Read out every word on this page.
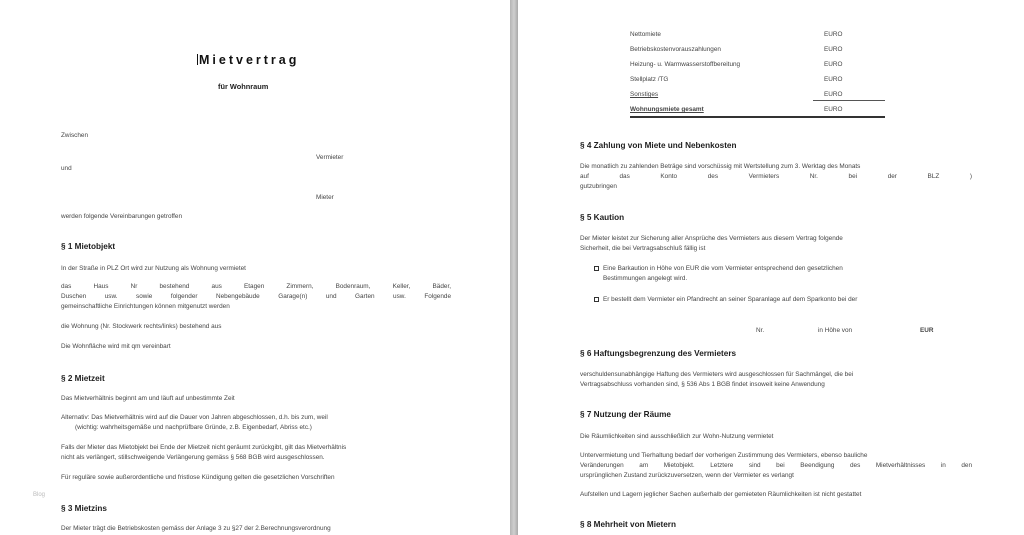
Mietvertrag
für Wohnraum
Zwischen
Vermieter
und
Mieter
werden folgende Vereinbarungen getroffen
§ 1 Mietobjekt
In der Straße in PLZ Ort wird zur Nutzung als Wohnung vermietet
das Haus Nr bestehend aus Etagen Zimmern, Bodenraum, Keller, Bäder,
Duschen usw. sowie folgender Nebengebäude Garage(n) und Garten usw. Folgende
gemeinschaftliche Einrichtungen können mitgenutzt werden
die Wohnung (Nr. Stockwerk rechts/links) bestehend aus
Die Wohnfläche wird mit qm vereinbart
§ 2 Mietzeit
Das Mietverhältnis beginnt am und läuft auf unbestimmte Zeit
Alternativ: Das Mietverhältnis wird auf die Dauer von Jahren abgeschlossen, d.h. bis zum, weil
(wichtig: wahrheitsgemäße und nachprüfbare Gründe, z.B. Eigenbedarf, Abriss etc.)
Falls der Mieter das Mietobjekt bei Ende der Mietzeit nicht geräumt zurückgibt, gilt das Mietverhältnis
nicht als verlängert, stillschweigende Verlängerung gemäss § 568 BGB wird ausgeschlossen.
Für reguläre sowie außerordentliche und fristlose Kündigung gelten die gesetzlichen Vorschriften
Blog
§ 3 Mietzins
Der Mieter trägt die Betriebskosten gemäss der Anlage 3 zu §27 der 2.Berechnungsverordnung
Nettomiete	EURO
Betriebskostenvorauszahlungen	EURO
Heizung- u. Warmwasserstoffbereitung	EURO
Stellplatz /TG	EURO
Sonstiges	EURO
Wohnungsmiete gesamt	EURO
§ 4 Zahlung von Miete und Nebenkosten
Die monatlich zu zahlenden Beträge sind vorschüssig mit Wertstellung zum 3. Werktag des Monats
auf das Konto des Vermieters Nr. bei der BLZ )
gutzubringen
§ 5 Kaution
Der Mieter leistet zur Sicherung aller Ansprüche des Vermieters aus diesem Vertrag folgende
Sicherheit, die bei Vertragsabschluß fällig ist
Eine Barkaution in Höhe von EUR die vom Vermieter entsprechend den gesetzlichen
Bestimmungen angelegt wird.
Er bestellt dem Vermieter ein Pfandrecht an seiner Sparanlage auf dem Sparkonto bei der
Nr.	in Höhe von	EUR
§ 6 Haftungsbegrenzung des Vermieters
verschuldensunabhängige Haftung des Vermieters wird ausgeschlossen für Sachmängel, die bei
Vertragsabschluss vorhanden sind, § 536 Abs 1 BGB findet insoweit keine Anwendung
§ 7 Nutzung der Räume
Die Räumlichkeiten sind ausschließlich zur Wohn-Nutzung vermietet
Untervermietung und Tierhaltung bedarf der vorherigen Zustimmung des Vermieters, ebenso bauliche
Veränderungen am Mietobjekt. Letztere sind bei Beendigung des Mietverhältnisses in den
ursprünglichen Zustand zurückzuversetzen, wenn der Vermieter es verlangt
Aufstellen und Lagern jeglicher Sachen außerhalb der gemieteten Räumlichkeiten ist nicht gestattet
§ 8 Mehrheit von Mietern
